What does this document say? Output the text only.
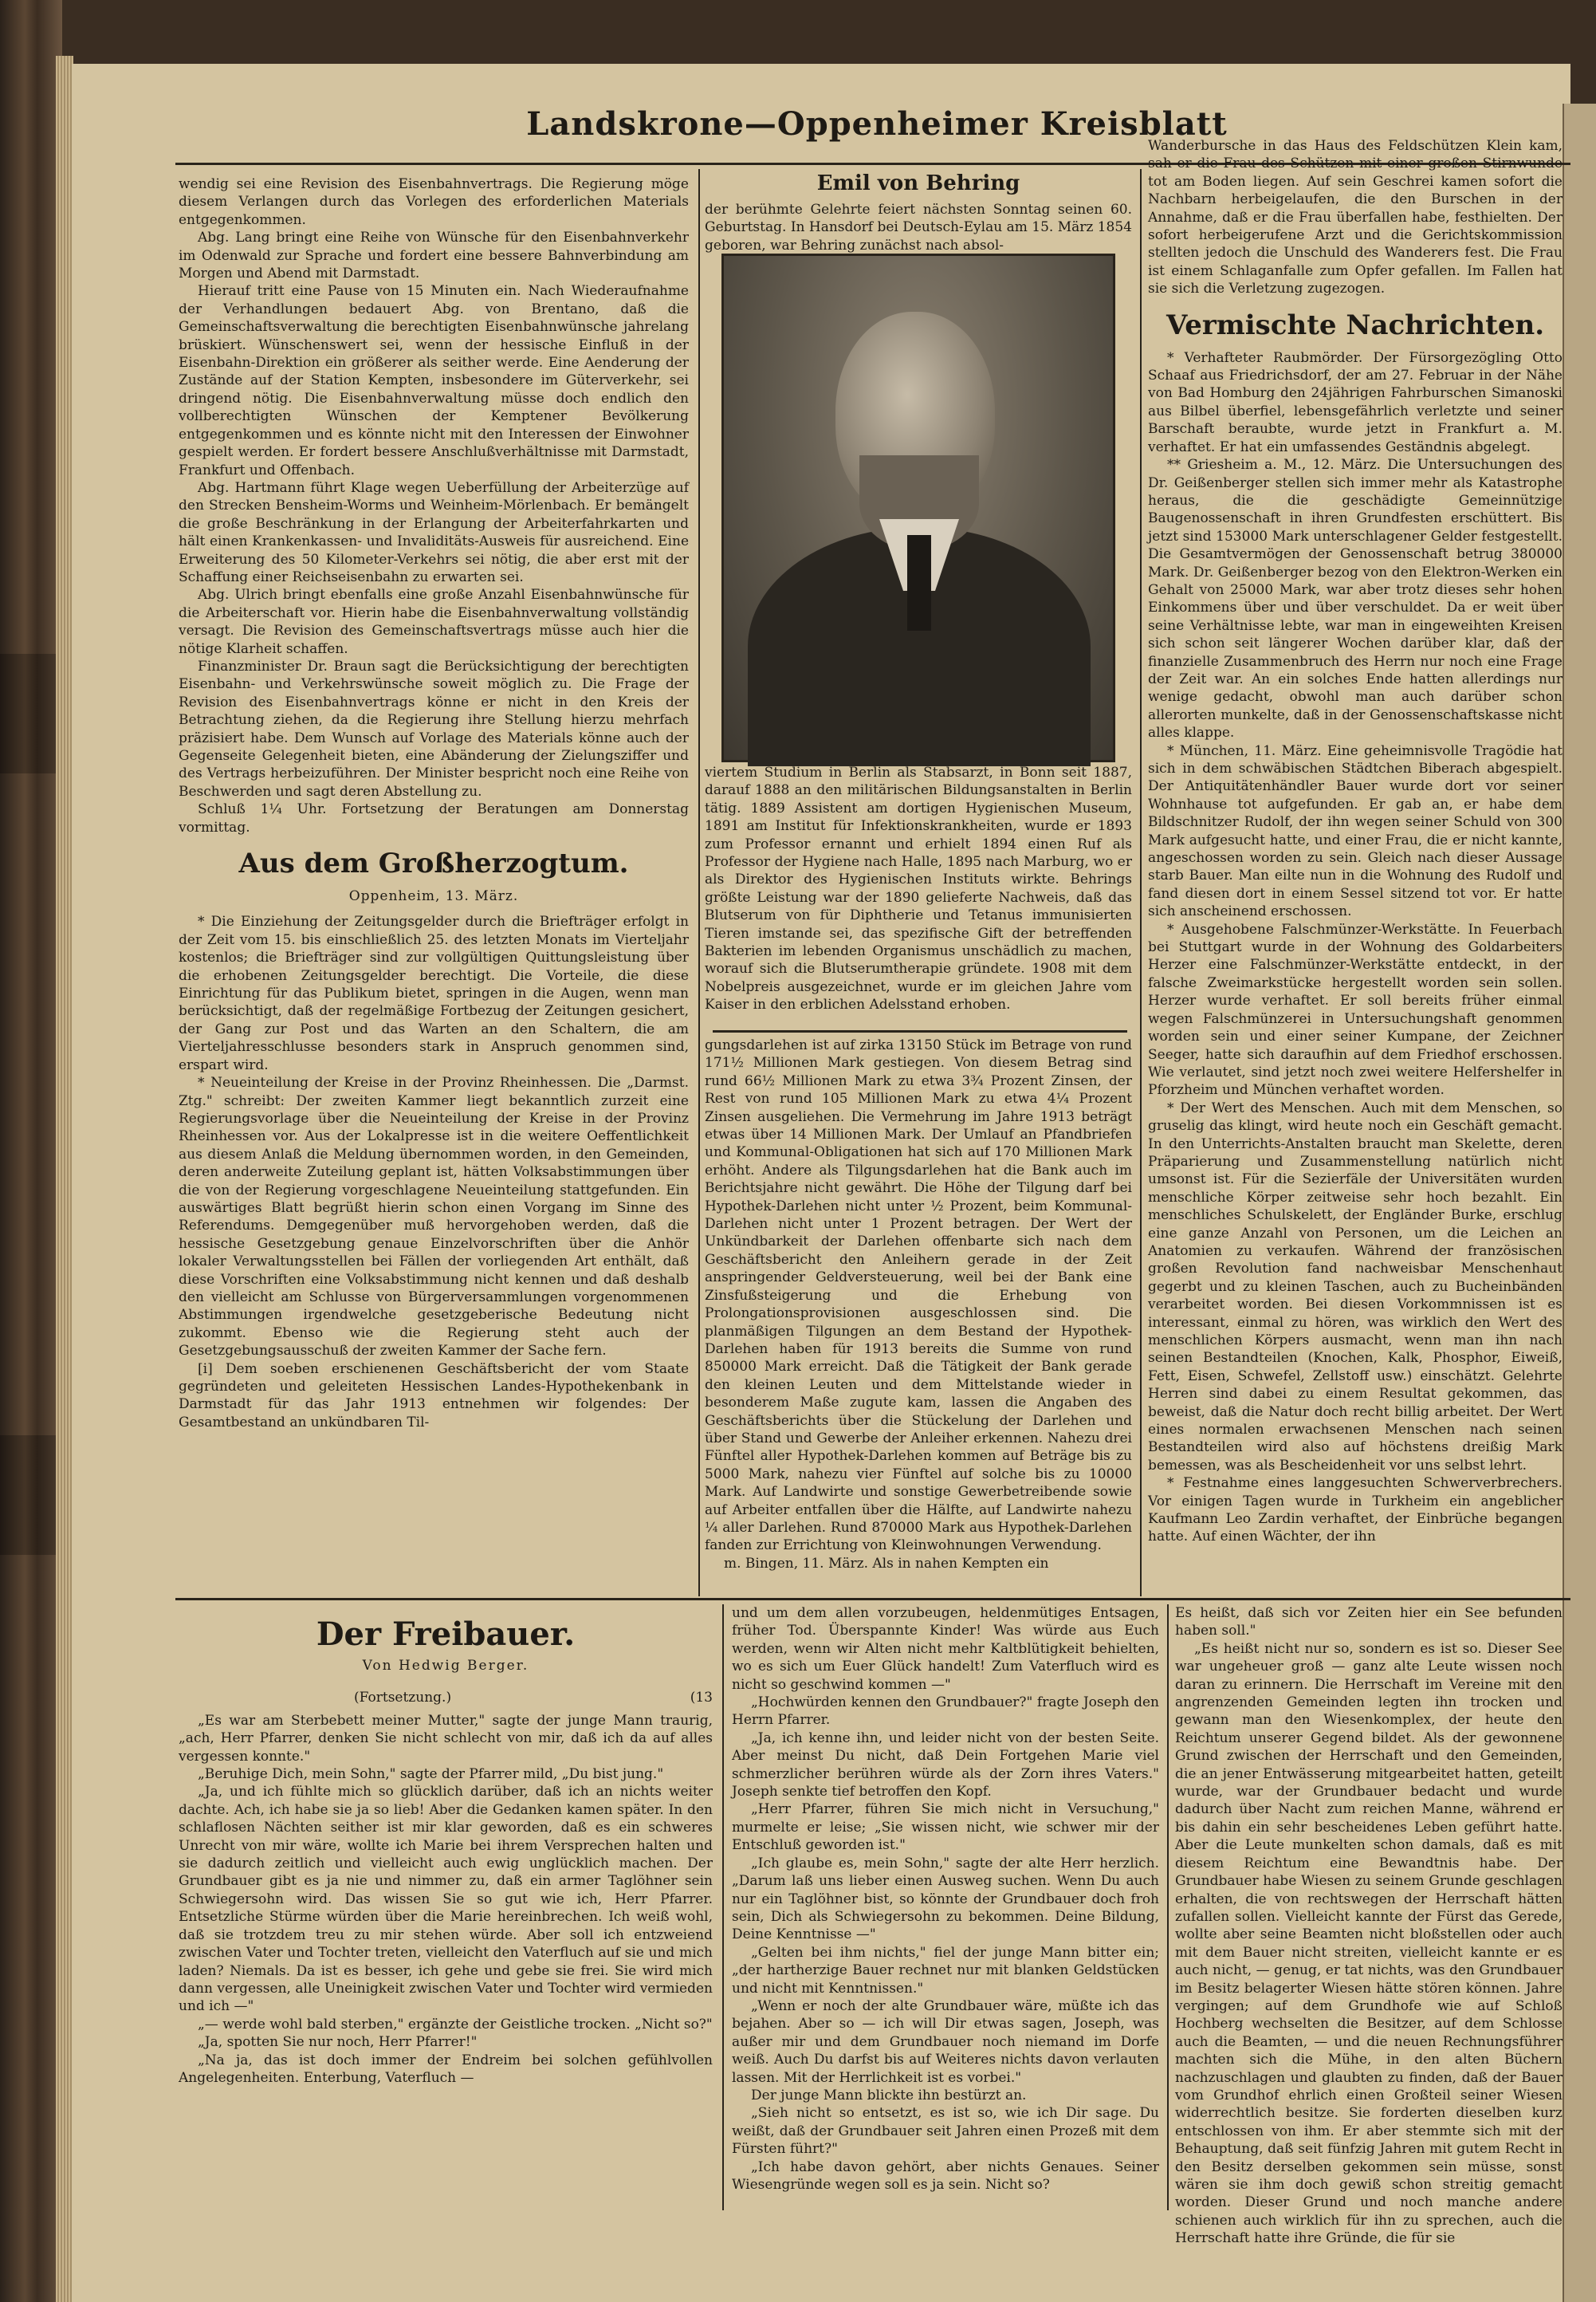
Landskrone—Oppenheimer Kreisblatt

wendig sei eine Revision des Eisenbahnvertrags. Die Regierung möge diesem Verlangen durch das Vorlegen des erforderlichen Materials entgegenkommen.

Abg. Lang bringt eine Reihe von Wünsche für den Eisenbahnverkehr im Odenwald zur Sprache und fordert eine bessere Bahnverbindung am Morgen und Abend mit Darmstadt.

Hierauf tritt eine Pause von 15 Minuten ein. Nach Wiederaufnahme der Verhandlungen bedauert Abg. von Brentano, daß die Gemeinschaftsverwaltung die berechtigten Eisenbahnwünsche jahrelang brüskiert. Wünschenswert sei, wenn der hessische Einfluß in der Eisenbahn-Direktion ein größerer als seither werde. Eine Aenderung der Zustände auf der Station Kempten, insbesondere im Güterverkehr, sei dringend nötig. Die Eisenbahnverwaltung müsse doch endlich den vollberechtigten Wünschen der Kemptener Bevölkerung entgegenkommen und es könnte nicht mit den Interessen der Einwohner gespielt werden. Er fordert bessere Anschlußverhältnisse mit Darmstadt, Frankfurt und Offenbach.

Abg. Hartmann führt Klage wegen Ueberfüllung der Arbeiterzüge auf den Strecken Bensheim-Worms und Weinheim-Mörlenbach. Er bemängelt die große Beschränkung in der Erlangung der Arbeiterfahrkarten und hält einen Krankenkassen- und Invaliditäts-Ausweis für ausreichend. Eine Erweiterung des 50 Kilometer-Verkehrs sei nötig, die aber erst mit der Schaffung einer Reichseisenbahn zu erwarten sei.

Abg. Ulrich bringt ebenfalls eine große Anzahl Eisenbahnwünsche für die Arbeiterschaft vor. Hierin habe die Eisenbahnverwaltung vollständig versagt. Die Revision des Gemeinschaftsvertrags müsse auch hier die nötige Klarheit schaffen.

Finanzminister Dr. Braun sagt die Berücksichtigung der berechtigten Eisenbahn- und Verkehrswünsche soweit möglich zu. Die Frage der Revision des Eisenbahnvertrags könne er nicht in den Kreis der Betrachtung ziehen, da die Regierung ihre Stellung hierzu mehrfach präzisiert habe. Dem Wunsch auf Vorlage des Materials könne auch der Gegenseite Gelegenheit bieten, eine Abänderung der Zielungsziffer und des Vertrags herbeizuführen. Der Minister bespricht noch eine Reihe von Beschwerden und sagt deren Abstellung zu.

Schluß 1¼ Uhr. Fortsetzung der Beratungen am Donnerstag vormittag.

Aus dem Großherzogtum.
Oppenheim, 13. März.

* Die Einziehung der Zeitungsgelder durch die Briefträger erfolgt in der Zeit vom 15. bis einschließlich 25. des letzten Monats im Vierteljahr kostenlos; die Briefträger sind zur vollgültigen Quittungsleistung über die erhobenen Zeitungsgelder berechtigt. Die Vorteile, die diese Einrichtung für das Publikum bietet, springen in die Augen, wenn man berücksichtigt, daß der regelmäßige Fortbezug der Zeitungen gesichert, der Gang zur Post und das Warten an den Schaltern, die am Vierteljahresschlusse besonders stark in Anspruch genommen sind, erspart wird.

* Neueinteilung der Kreise in der Provinz Rheinhessen. Die „Darmst. Ztg." schreibt: Der zweiten Kammer liegt bekanntlich zurzeit eine Regierungsvorlage über die Neueinteilung der Kreise in der Provinz Rheinhessen vor. Aus der Lokalpresse ist in die weitere Oeffentlichkeit aus diesem Anlaß die Meldung übernommen worden, in den Gemeinden, deren anderweite Zuteilung geplant ist, hätten Volksabstimmungen über die von der Regierung vorgeschlagene Neueinteilung stattgefunden. Ein auswärtiges Blatt begrüßt hierin schon einen Vorgang im Sinne des Referendums. Demgegenüber muß hervorgehoben werden, daß die hessische Gesetzgebung genaue Einzelvorschriften über die Anhör lokaler Verwaltungsstellen bei Fällen der vorliegenden Art enthält, daß diese Vorschriften eine Volksabstimmung nicht kennen und daß deshalb den vielleicht am Schlusse von Bürgerversammlungen vorgenommenen Abstimmungen irgendwelche gesetzgeberische Bedeutung nicht zukommt. Ebenso wie die Regierung steht auch der Gesetzgebungsausschuß der zweiten Kammer der Sache fern.

[i] Dem soeben erschienenen Geschäftsbericht der vom Staate gegründeten und geleiteten Hessischen Landes-Hypothekenbank in Darmstadt für das Jahr 1913 entnehmen wir folgendes: Der Gesamtbestand an unkündbaren Til-

Emil von Behring

der berühmte Gelehrte feiert nächsten Sonntag seinen 60. Geburtstag. In Hansdorf bei Deutsch-Eylau am 15. März 1854 geboren, war Behring zunächst nach absol-

viertem Studium in Berlin als Stabsarzt, in Bonn seit 1887, darauf 1888 an den militärischen Bildungsanstalten in Berlin tätig. 1889 Assistent am dortigen Hygienischen Museum, 1891 am Institut für Infektionskrankheiten, wurde er 1893 zum Professor ernannt und erhielt 1894 einen Ruf als Professor der Hygiene nach Halle, 1895 nach Marburg, wo er als Direktor des Hygienischen Instituts wirkte. Behrings größte Leistung war der 1890 gelieferte Nachweis, daß das Blutserum von für Diphtherie und Tetanus immunisierten Tieren imstande sei, das spezifische Gift der betreffenden Bakterien im lebenden Organismus unschädlich zu machen, worauf sich die Blutserumtherapie gründete. 1908 mit dem Nobelpreis ausgezeichnet, wurde er im gleichen Jahre vom Kaiser in den erblichen Adelsstand erhoben.

gungsdarlehen ist auf zirka 13150 Stück im Betrage von rund 171½ Millionen Mark gestiegen. Von diesem Betrag sind rund 66½ Millionen Mark zu etwa 3¾ Prozent Zinsen, der Rest von rund 105 Millionen Mark zu etwa 4¼ Prozent Zinsen ausgeliehen. Die Vermehrung im Jahre 1913 beträgt etwas über 14 Millionen Mark. Der Umlauf an Pfandbriefen und Kommunal-Obligationen hat sich auf 170 Millionen Mark erhöht. Andere als Tilgungsdarlehen hat die Bank auch im Berichtsjahre nicht gewährt. Die Höhe der Tilgung darf bei Hypothek-Darlehen nicht unter ½ Prozent, beim Kommunal-Darlehen nicht unter 1 Prozent betragen. Der Wert der Unkündbarkeit der Darlehen offenbarte sich nach dem Geschäftsbericht den Anleihern gerade in der Zeit anspringender Geldversteuerung, weil bei der Bank eine Zinsfußsteigerung und die Erhebung von Prolongationsprovisionen ausgeschlossen sind. Die planmäßigen Tilgungen an dem Bestand der Hypothek-Darlehen haben für 1913 bereits die Summe von rund 850000 Mark erreicht. Daß die Tätigkeit der Bank gerade den kleinen Leuten und dem Mittelstande wieder in besonderem Maße zugute kam, lassen die Angaben des Geschäftsberichts über die Stückelung der Darlehen und über Stand und Gewerbe der Anleiher erkennen. Nahezu drei Fünftel aller Hypothek-Darlehen kommen auf Beträge bis zu 5000 Mark, nahezu vier Fünftel auf solche bis zu 10000 Mark. Auf Landwirte und sonstige Gewerbetreibende sowie auf Arbeiter entfallen über die Hälfte, auf Landwirte nahezu ¼ aller Darlehen. Rund 870000 Mark aus Hypothek-Darlehen fanden zur Errichtung von Kleinwohnungen Verwendung.

m. Bingen, 11. März. Als in nahen Kempten ein

Wanderbursche in das Haus des Feldschützen Klein kam, sah er die Frau des Schützen mit einer großen Stirnwunde tot am Boden liegen. Auf sein Geschrei kamen sofort die Nachbarn herbeigelaufen, die den Burschen in der Annahme, daß er die Frau überfallen habe, festhielten. Der sofort herbeigerufene Arzt und die Gerichtskommission stellten jedoch die Unschuld des Wanderers fest. Die Frau ist einem Schlaganfalle zum Opfer gefallen. Im Fallen hat sie sich die Verletzung zugezogen.

Vermischte Nachrichten.

* Verhafteter Raubmörder. Der Fürsorgezögling Otto Schaaf aus Friedrichsdorf, der am 27. Februar in der Nähe von Bad Homburg den 24jährigen Fahrburschen Simanoski aus Bilbel überfiel, lebensgefährlich verletzte und seiner Barschaft beraubte, wurde jetzt in Frankfurt a. M. verhaftet. Er hat ein umfassendes Geständnis abgelegt.

** Griesheim a. M., 12. März. Die Untersuchungen des Dr. Geißenberger stellen sich immer mehr als Katastrophe heraus, die die geschädigte Gemeinnützige Baugenossenschaft in ihren Grundfesten erschüttert. Bis jetzt sind 153000 Mark unterschlagener Gelder festgestellt. Die Gesamtvermögen der Genossenschaft betrug 380000 Mark. Dr. Geißenberger bezog von den Elektron-Werken ein Gehalt von 25000 Mark, war aber trotz dieses sehr hohen Einkommens über und über verschuldet. Da er weit über seine Verhältnisse lebte, war man in eingeweihten Kreisen sich schon seit längerer Wochen darüber klar, daß der finanzielle Zusammenbruch des Herrn nur noch eine Frage der Zeit war. An ein solches Ende hatten allerdings nur wenige gedacht, obwohl man auch darüber schon allerorten munkelte, daß in der Genossenschaftskasse nicht alles klappe.

* München, 11. März. Eine geheimnisvolle Tragödie hat sich in dem schwäbischen Städtchen Biberach abgespielt. Der Antiquitätenhändler Bauer wurde dort vor seiner Wohnhause tot aufgefunden. Er gab an, er habe dem Bildschnitzer Rudolf, der ihn wegen seiner Schuld von 300 Mark aufgesucht hatte, und einer Frau, die er nicht kannte, angeschossen worden zu sein. Gleich nach dieser Aussage starb Bauer. Man eilte nun in die Wohnung des Rudolf und fand diesen dort in einem Sessel sitzend tot vor. Er hatte sich anscheinend erschossen.

* Ausgehobene Falschmünzer-Werkstätte. In Feuerbach bei Stuttgart wurde in der Wohnung des Goldarbeiters Herzer eine Falschmünzer-Werkstätte entdeckt, in der falsche Zweimarkstücke hergestellt worden sein sollen. Herzer wurde verhaftet. Er soll bereits früher einmal wegen Falschmünzerei in Untersuchungshaft genommen worden sein und einer seiner Kumpane, der Zeichner Seeger, hatte sich daraufhin auf dem Friedhof erschossen. Wie verlautet, sind jetzt noch zwei weitere Helfershelfer in Pforzheim und München verhaftet worden.

* Der Wert des Menschen. Auch mit dem Menschen, so gruselig das klingt, wird heute noch ein Geschäft gemacht. In den Unterrichts-Anstalten braucht man Skelette, deren Präparierung und Zusammenstellung natürlich nicht umsonst ist. Für die Sezierfäle der Universitäten wurden menschliche Körper zeitweise sehr hoch bezahlt. Ein menschliches Schulskelett, der Engländer Burke, erschlug eine ganze Anzahl von Personen, um die Leichen an Anatomien zu verkaufen. Während der französischen großen Revolution fand nachweisbar Menschenhaut gegerbt und zu kleinen Taschen, auch zu Bucheinbänden verarbeitet worden. Bei diesen Vorkommnissen ist es interessant, einmal zu hören, was wirklich den Wert des menschlichen Körpers ausmacht, wenn man ihn nach seinen Bestandteilen (Knochen, Kalk, Phosphor, Eiweiß, Fett, Eisen, Schwefel, Zellstoff usw.) einschätzt. Gelehrte Herren sind dabei zu einem Resultat gekommen, das beweist, daß die Natur doch recht billig arbeitet. Der Wert eines normalen erwachsenen Menschen nach seinen Bestandteilen wird also auf höchstens dreißig Mark bemessen, was als Bescheidenheit vor uns selbst lehrt.

* Festnahme eines langgesuchten Schwerverbrechers. Vor einigen Tagen wurde in Turkheim ein angeblicher Kaufmann Leo Zardin verhaftet, der Einbrüche begangen hatte. Auf einen Wächter, der ihn

Der Freibauer.
Von Hedwig Berger.
(Fortsetzung.)	(13

„Es war am Sterbebett meiner Mutter," sagte der junge Mann traurig, „ach, Herr Pfarrer, denken Sie nicht schlecht von mir, daß ich da auf alles vergessen konnte."

„Beruhige Dich, mein Sohn," sagte der Pfarrer mild, „Du bist jung."

„Ja, und ich fühlte mich so glücklich darüber, daß ich an nichts weiter dachte. Ach, ich habe sie ja so lieb! Aber die Gedanken kamen später. In den schlaflosen Nächten seither ist mir klar geworden, daß es ein schweres Unrecht von mir wäre, wollte ich Marie bei ihrem Versprechen halten und sie dadurch zeitlich und vielleicht auch ewig unglücklich machen. Der Grundbauer gibt es ja nie und nimmer zu, daß ein armer Taglöhner sein Schwiegersohn wird. Das wissen Sie so gut wie ich, Herr Pfarrer. Entsetzliche Stürme würden über die Marie hereinbrechen. Ich weiß wohl, daß sie trotzdem treu zu mir stehen würde. Aber soll ich entzweiend zwischen Vater und Tochter treten, vielleicht den Vaterfluch auf sie und mich laden? Niemals. Da ist es besser, ich gehe und gebe sie frei. Sie wird mich dann vergessen, alle Uneinigkeit zwischen Vater und Tochter wird vermieden und ich —"

„— werde wohl bald sterben," ergänzte der Geistliche trocken. „Nicht so?"

„Ja, spotten Sie nur noch, Herr Pfarrer!"

„Na ja, das ist doch immer der Endreim bei solchen gefühlvollen Angelegenheiten. Enterbung, Vaterfluch —

und um dem allen vorzubeugen, heldenmütiges Entsagen, früher Tod. Überspannte Kinder! Was würde aus Euch werden, wenn wir Alten nicht mehr Kaltblütigkeit behielten, wo es sich um Euer Glück handelt! Zum Vaterfluch wird es nicht so geschwind kommen —"

„Hochwürden kennen den Grundbauer?" fragte Joseph den Herrn Pfarrer.

„Ja, ich kenne ihn, und leider nicht von der besten Seite. Aber meinst Du nicht, daß Dein Fortgehen Marie viel schmerzlicher berühren würde als der Zorn ihres Vaters." Joseph senkte tief betroffen den Kopf.

„Herr Pfarrer, führen Sie mich nicht in Versuchung," murmelte er leise; „Sie wissen nicht, wie schwer mir der Entschluß geworden ist."

„Ich glaube es, mein Sohn," sagte der alte Herr herzlich. „Darum laß uns lieber einen Ausweg suchen. Wenn Du auch nur ein Taglöhner bist, so könnte der Grundbauer doch froh sein, Dich als Schwiegersohn zu bekommen. Deine Bildung, Deine Kenntnisse —"

„Gelten bei ihm nichts," fiel der junge Mann bitter ein; „der hartherzige Bauer rechnet nur mit blanken Geldstücken und nicht mit Kenntnissen."

„Wenn er noch der alte Grundbauer wäre, müßte ich das bejahen. Aber so — ich will Dir etwas sagen, Joseph, was außer mir und dem Grundbauer noch niemand im Dorfe weiß. Auch Du darfst bis auf Weiteres nichts davon verlauten lassen. Mit der Herrlichkeit ist es vorbei."

Der junge Mann blickte ihn bestürzt an.

„Sieh nicht so entsetzt, es ist so, wie ich Dir sage. Du weißt, daß der Grundbauer seit Jahren einen Prozeß mit dem Fürsten führt?"

„Ich habe davon gehört, aber nichts Genaues. Seiner Wiesengründe wegen soll es ja sein. Nicht so?

Es heißt, daß sich vor Zeiten hier ein See befunden haben soll."

„Es heißt nicht nur so, sondern es ist so. Dieser See war ungeheuer groß — ganz alte Leute wissen noch daran zu erinnern. Die Herrschaft im Vereine mit den angrenzenden Gemeinden legten ihn trocken und gewann man den Wiesenkomplex, der heute den Reichtum unserer Gegend bildet. Als der gewonnene Grund zwischen der Herrschaft und den Gemeinden, die an jener Entwässerung mitgearbeitet hatten, geteilt wurde, war der Grundbauer bedacht und wurde dadurch über Nacht zum reichen Manne, während er bis dahin ein sehr bescheidenes Leben geführt hatte. Aber die Leute munkelten schon damals, daß es mit diesem Reichtum eine Bewandtnis habe. Der Grundbauer habe Wiesen zu seinem Grunde geschlagen erhalten, die von rechtswegen der Herrschaft hätten zufallen sollen. Vielleicht kannte der Fürst das Gerede, wollte aber seine Beamten nicht bloßstellen oder auch mit dem Bauer nicht streiten, vielleicht kannte er es auch nicht, — genug, er tat nichts, was den Grundbauer im Besitz belagerter Wiesen hätte stören können. Jahre vergingen; auf dem Grundhofe wie auf Schloß Hochberg wechselten die Besitzer, auf dem Schlosse auch die Beamten, — und die neuen Rechnungsführer machten sich die Mühe, in den alten Büchern nachzuschlagen und glaubten zu finden, daß der Bauer vom Grundhof ehrlich einen Großteil seiner Wiesen widerrechtlich besitze. Sie forderten dieselben kurz entschlossen von ihm. Er aber stemmte sich mit der Behauptung, daß seit fünfzig Jahren mit gutem Recht in den Besitz derselben gekommen sein müsse, sonst wären sie ihm doch gewiß schon streitig gemacht worden. Dieser Grund und noch manche andere schienen auch wirklich für ihn zu sprechen, auch die Herrschaft hatte ihre Gründe, die für sie
